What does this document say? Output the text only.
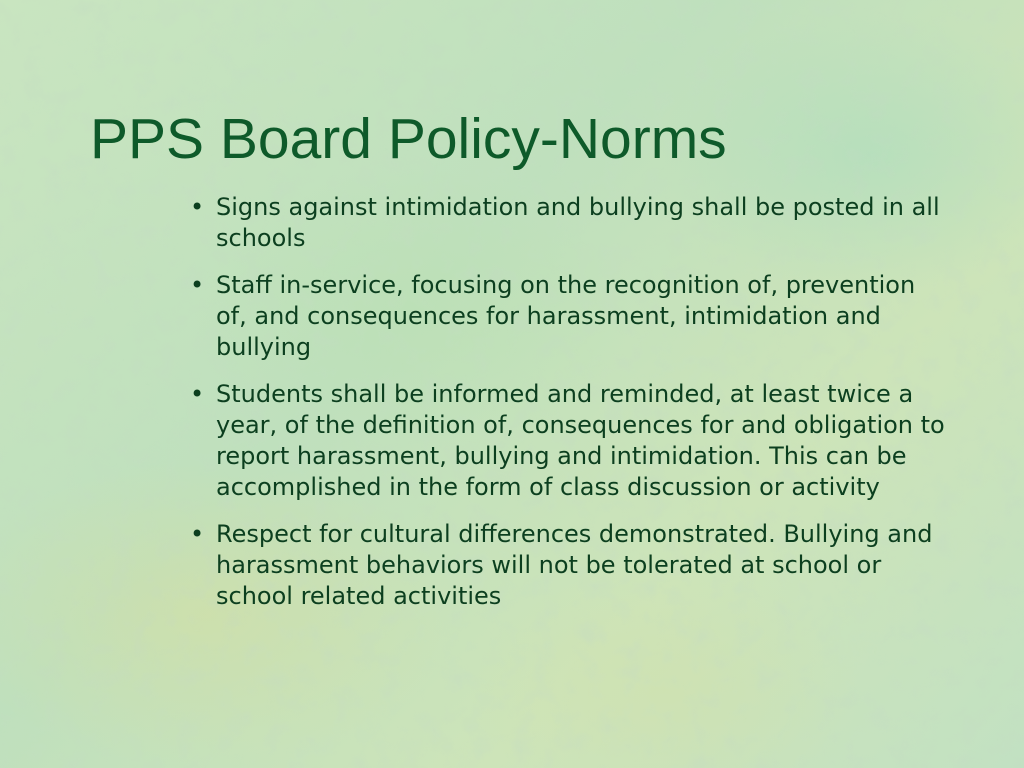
PPS Board Policy-Norms
• Signs against intimidation and bullying shall be posted in all schools
• Staff in-service, focusing on the recognition of, prevention of, and consequences for harassment, intimidation and bullying
• Students shall be informed and reminded, at least twice a year, of the definition of, consequences for and obligation to report harassment, bullying and intimidation. This can be accomplished in the form of class discussion or activity
• Respect for cultural differences demonstrated. Bullying and harassment behaviors will not be tolerated at school or school related activities
